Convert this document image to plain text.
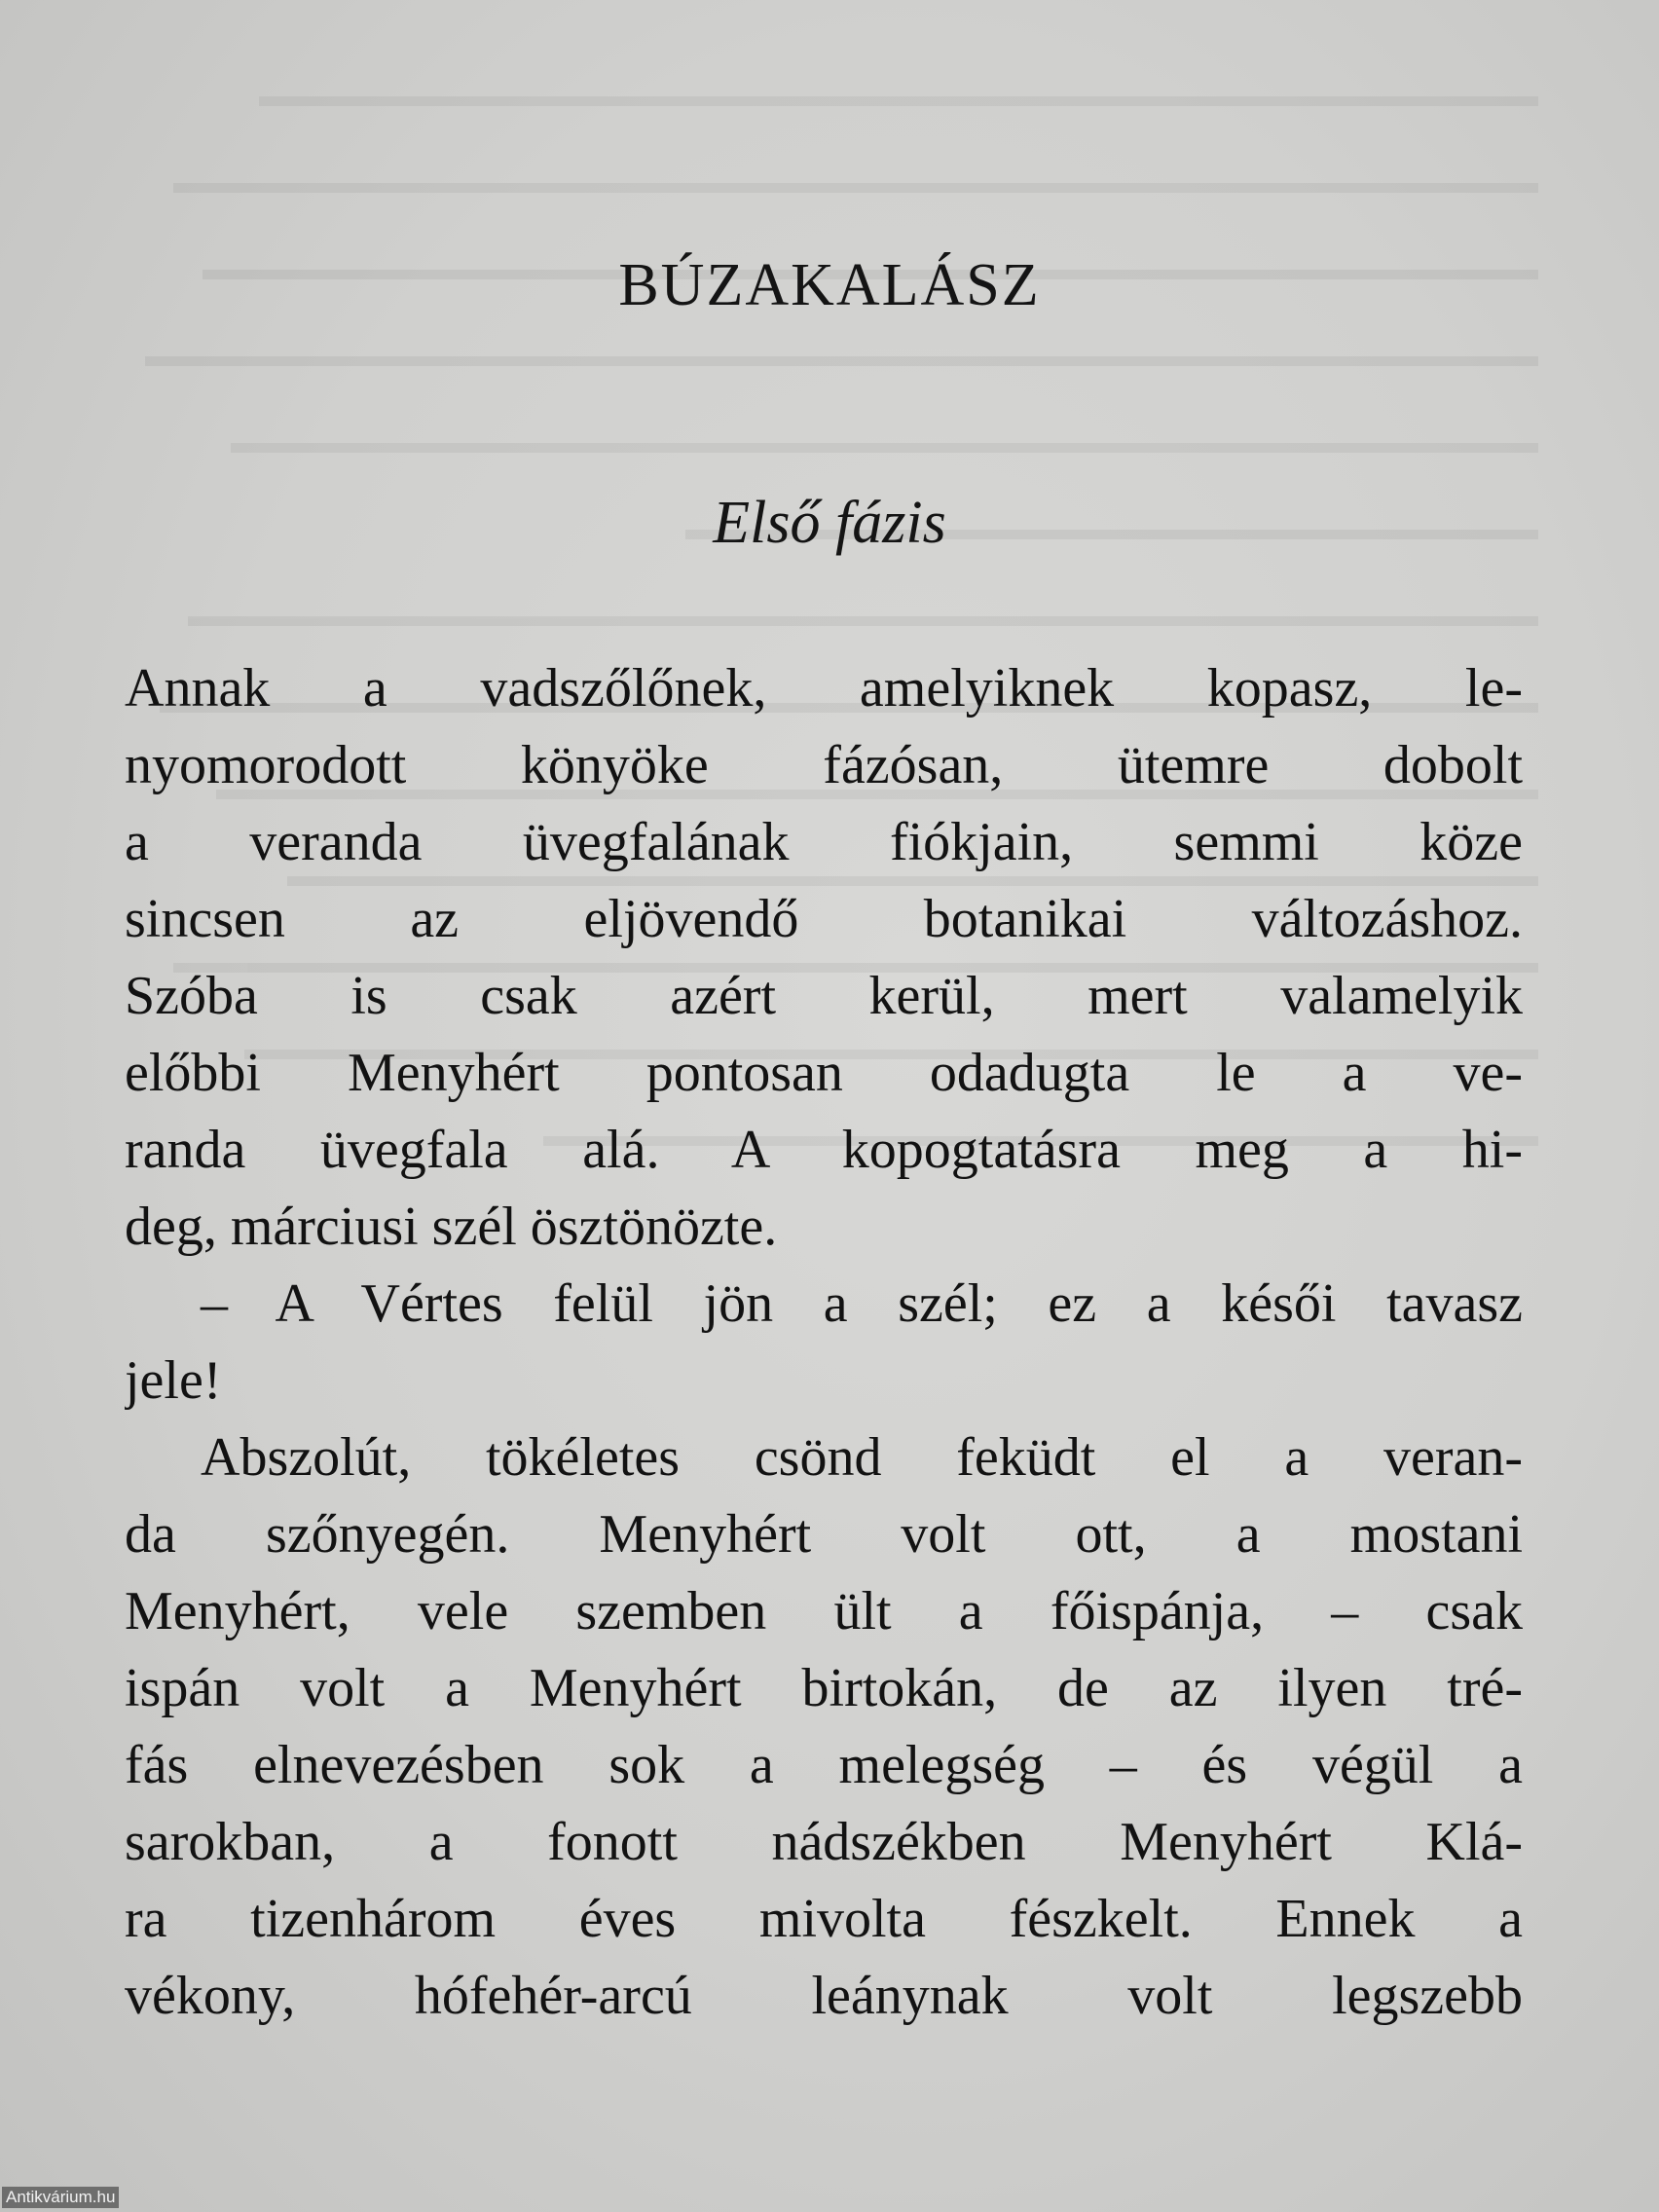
BÚZAKALÁSZ
Első fázis
Annak a vadszőlőnek, amelyiknek kopasz, le-
nyomorodott könyöke fázósan, ütemre dobolt
a veranda üvegfalának fiókjain, semmi köze
sincsen az eljövendő botanikai változáshoz.
Szóba is csak azért kerül, mert valamelyik
előbbi Menyhért pontosan odadugta le a ve-
randa üvegfala alá. A kopogtatásra meg a hi-
deg, márciusi szél ösztönözte.
– A Vértes felül jön a szél; ez a késői tavasz
jele!
Abszolút, tökéletes csönd feküdt el a veran-
da szőnyegén. Menyhért volt ott, a mostani
Menyhért, vele szemben ült a főispánja, – csak
ispán volt a Menyhért birtokán, de az ilyen tré-
fás elnevezésben sok a melegség – és végül a
sarokban, a fonott nádszékben Menyhért Klá-
ra tizenhárom éves mivolta fészkelt. Ennek a
vékony, hófehér-arcú leánynak volt legszebb
Antikvárium.hu
